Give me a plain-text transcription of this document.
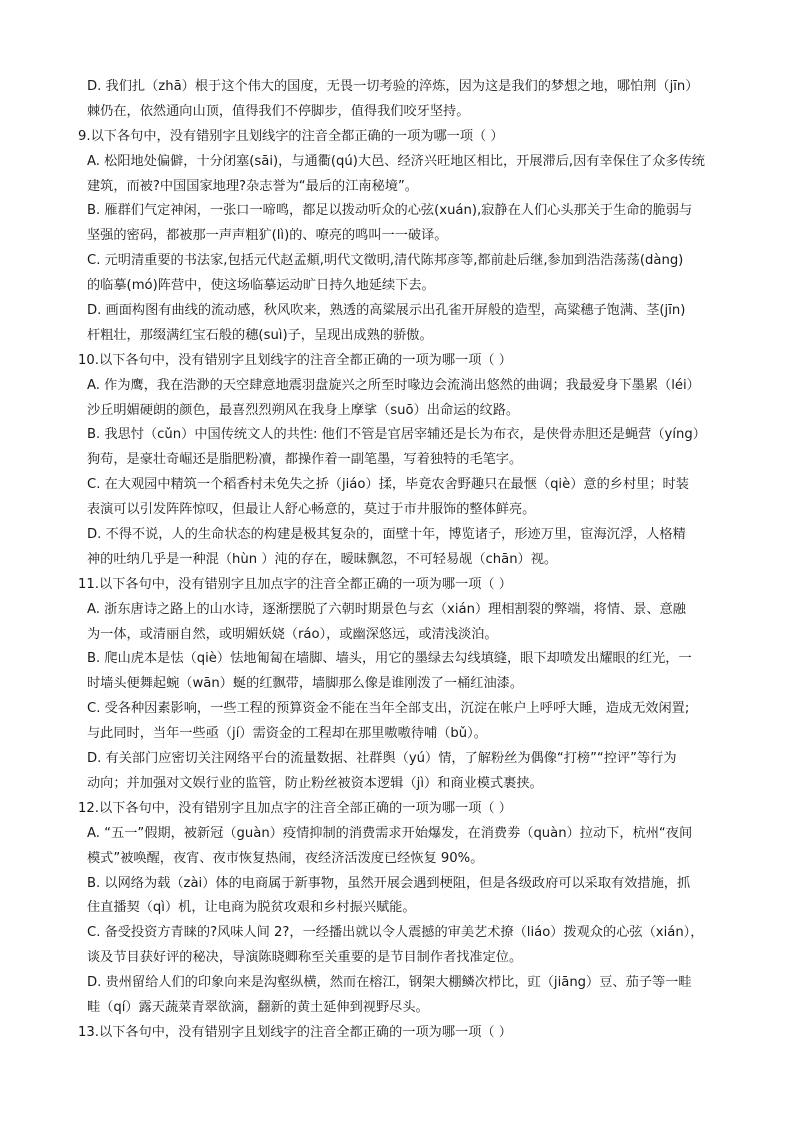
D. 我们扎（zhā）根于这个伟大的国度，无畏一切考验的淬炼，因为这是我们的梦想之地，哪怕荆（jīn）
棘仍在，依然通向山顶，值得我们不停脚步，值得我们咬牙坚持。
9.以下各句中，没有错别字且划线字的注音全都正确的一项为哪一项（ ）
A. 松阳地处偏僻，十分闭塞(sāi)，与通衢(qú)大邑、经济兴旺地区相比，开展滞后,因有幸保住了众多传统
建筑，而被?中国国家地理?杂志誉为“最后的江南秘境”。
B. 雁群们气定神闲，一张口一啼鸣，都足以拨动听众的心弦(xuán),寂静在人们心头那关于生命的脆弱与
坚强的密码，都被那一声声粗犷(lì)的、嘹亮的鸣叫一一破译。
C. 元明清重要的书法家,包括元代赵孟頫,明代文徵明,清代陈邦彦等,都前赴后继,参加到浩浩荡荡(dàng)
的临摹(mó)阵营中，使这场临摹运动旷日持久地延续下去。
D. 画面构图有曲线的流动感，秋风吹来，熟透的高粱展示出孔雀开屏般的造型，高粱穗子饱满、茎(jīn)
杆粗壮，那缀满红宝石般的穗(suì)子，呈现出成熟的骄傲。
10.以下各句中，没有错别字且划线字的注音全都正确的一项为哪一项（ ）
A. 作为鹰，我在浩渺的天空肆意地震羽盘旋兴之所至时喙边会流淌出悠然的曲调；我最爱身下墨累（léi）
沙丘明媚硬朗的颜色，最喜烈烈朔风在我身上摩挲（suō）出命运的纹路。
B. 我思忖（cǔn）中国传统文人的共性: 他们不管是官居宰辅还是长为布衣，是侠骨赤胆还是蝇营（yíng）
狗苟，是豪壮奇崛还是脂肥粉凟，都操作着一副笔墨，写着独特的毛笔字。
C. 在大观园中精筑一个稻香村未免失之挢（jiáo）揉，毕竟农舍野趣只在最惬（qiè）意的乡村里；时装
表演可以引发阵阵惊叹，但最让人舒心畅意的，莫过于市井服饰的整体鲜亮。
D. 不得不说，人的生命状态的构建是极其复杂的，面壁十年，博览诸子，形迹万里，宦海沉浮，人格精
神的吐纳几乎是一种混（hùn ）沌的存在，暧昧飘忽，不可轻易觇（chān）视。
11.以下各句中，没有错别字且加点字的注音全都正确的一项为哪一项（ ）
A. 浙东唐诗之路上的山水诗，逐渐摆脱了六朝时期景色与玄（xián）理相割裂的弊端，将情、景、意融
为一体，或清丽自然，或明媚妖娆（ráo），或幽深悠远，或清浅淡泊。
B. 爬山虎本是怯（qiè）怯地匍匐在墙脚、墙头，用它的墨绿去勾线填缝，眼下却喷发出耀眼的红光，一
时墙头便舞起蜿（wān）蜒的红飘带，墙脚那么像是谁刚泼了一桶红油漆。
C. 受各种因素影响，一些工程的预算资金不能在当年全部支出，沉淀在帐户上呼呼大睡，造成无效闲置;
与此同时，当年一些亟（jí）需资金的工程却在那里嗷嗷待哺（bǔ）。
D. 有关部门应密切关注网络平台的流量数据、社群舆（yú）情，了解粉丝为偶像“打榜”“控评”等行为
动向；并加强对文娱行业的监管，防止粉丝被资本逻辑（jì）和商业模式裹挟。
12.以下各句中，没有错别字且加点字的注音全部正确的一项为哪一项（ ）
A. “五一”假期，被新冠（guàn）疫情抑制的消费需求开始爆发，在消费劵（quàn）拉动下，杭州“夜间
模式”被唤醒，夜宵、夜市恢复热闹，夜经济活泼度已经恢复 90%。
B. 以网络为载（zài）体的电商属于新事物，虽然开展会遇到梗阻，但是各级政府可以采取有效措施，抓
住直播契（qì）机，让电商为脱贫攻艰和乡村振兴赋能。
C. 备受投资方青睐的?风味人间 2?，一经播出就以令人震撼的审美艺术撩（liáo）拨观众的心弦（xián），
谈及节目获好评的秘决，导演陈晓卿称至关重要的是节目制作者找准定位。
D. 贵州留给人们的印象向来是沟壑纵横，然而在榕江，钢架大棚鳞次栉比，豇（jiāng）豆、茄子等一畦
畦（qí）露天蔬菜青翠欲滴，翻新的黄土延伸到视野尽头。
13.以下各句中，没有错别字且划线字的注音全都正确的一项为哪一项（ ）
